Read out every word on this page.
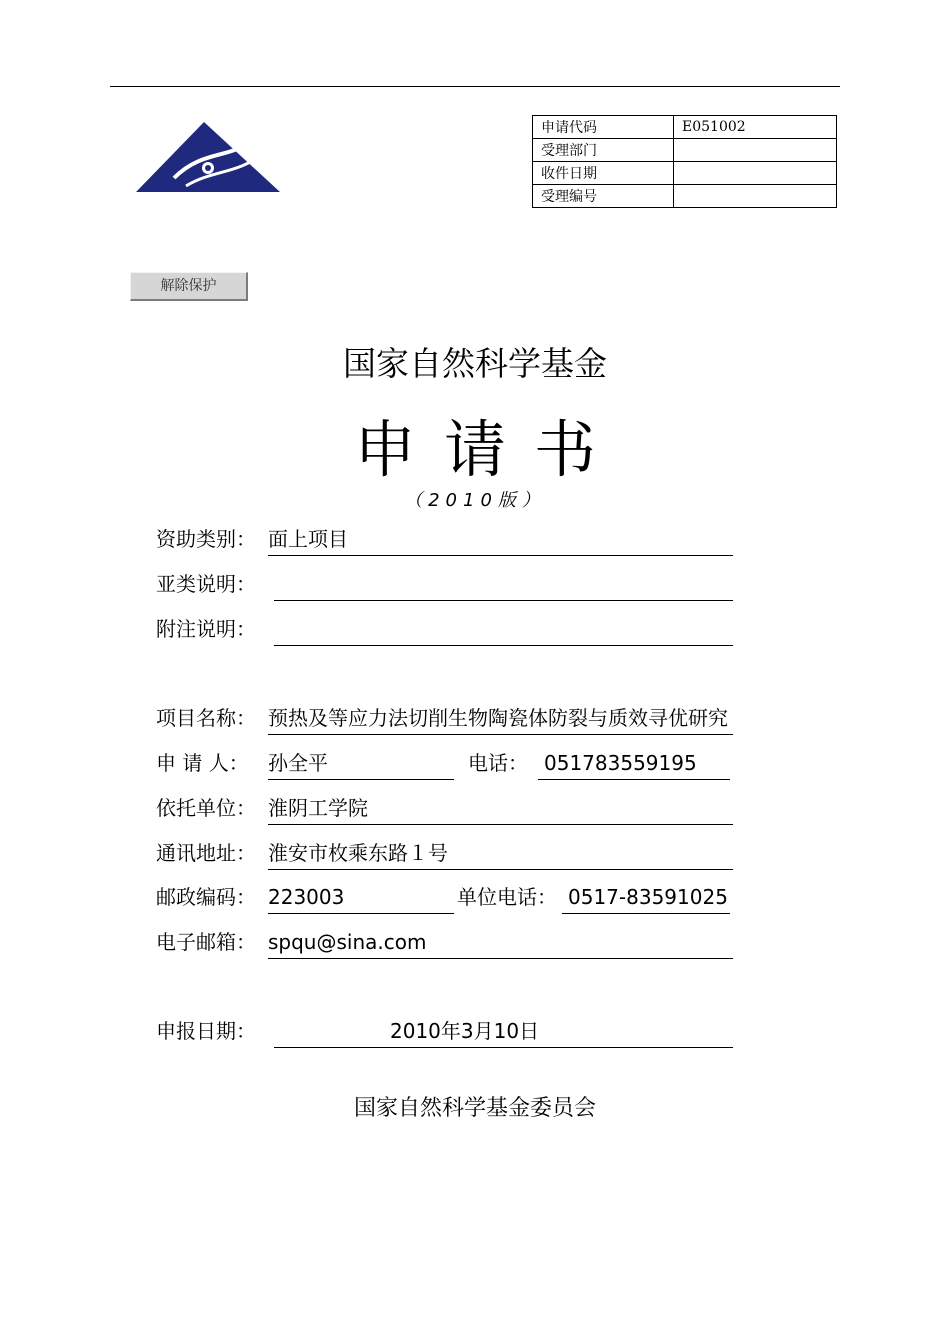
申请代码	E051002
受理部门	
收件日期	
受理编号	
解除保护
国家自然科学基金
申请书
（2010版）
资助类别： 面上项目
亚类说明：
附注说明：
项目名称： 预热及等应力法切削生物陶瓷体防裂与质效寻优研究
申 请 人： 孙全平	电话： 051783559195
依托单位： 淮阴工学院
通讯地址： 淮安市枚乘东路１号
邮政编码： 223003	单位电话： 0517-83591025
电子邮箱： spqu@sina.com
申报日期：	2010年3月10日
国家自然科学基金委员会
